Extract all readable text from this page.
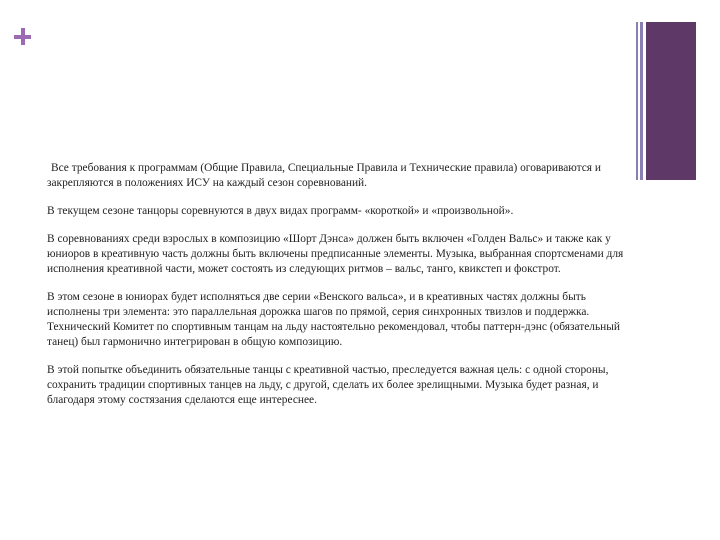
Все требования к программам (Общие Правила, Специальные Правила и Технические правила) оговариваются и закрепляются в положениях ИСУ на каждый сезон соревнований.

В текущем сезоне танцоры соревнуются в двух видах программ- «короткой» и «произвольной».

В соревнованиях среди взрослых в композицию «Шорт Дэнса» должен быть включен «Голден Вальс» и также как у юниоров в креативную часть должны быть включены предписанные элементы. Музыка, выбранная спортсменами для исполнения креативной части, может состоять из следующих ритмов – вальс, танго, квикстеп и фокстрот.

В этом сезоне в юниорах будет исполняться две серии «Венского вальса», и в креативных частях должны быть исполнены три элемента: это параллельная дорожка шагов по прямой, серия синхронных твизлов и поддержка. Технический Комитет по спортивным танцам на льду настоятельно рекомендовал, чтобы паттерн-дэнс (обязательный танец) был гармонично интегрирован в общую композицию.

В этой попытке объединить обязательные танцы с креативной частью, преследуется важная цель: с одной стороны, сохранить традиции спортивных танцев на льду, с другой, сделать их более зрелищными. Музыка будет разная, и благодаря этому состязания сделаются еще интереснее.
